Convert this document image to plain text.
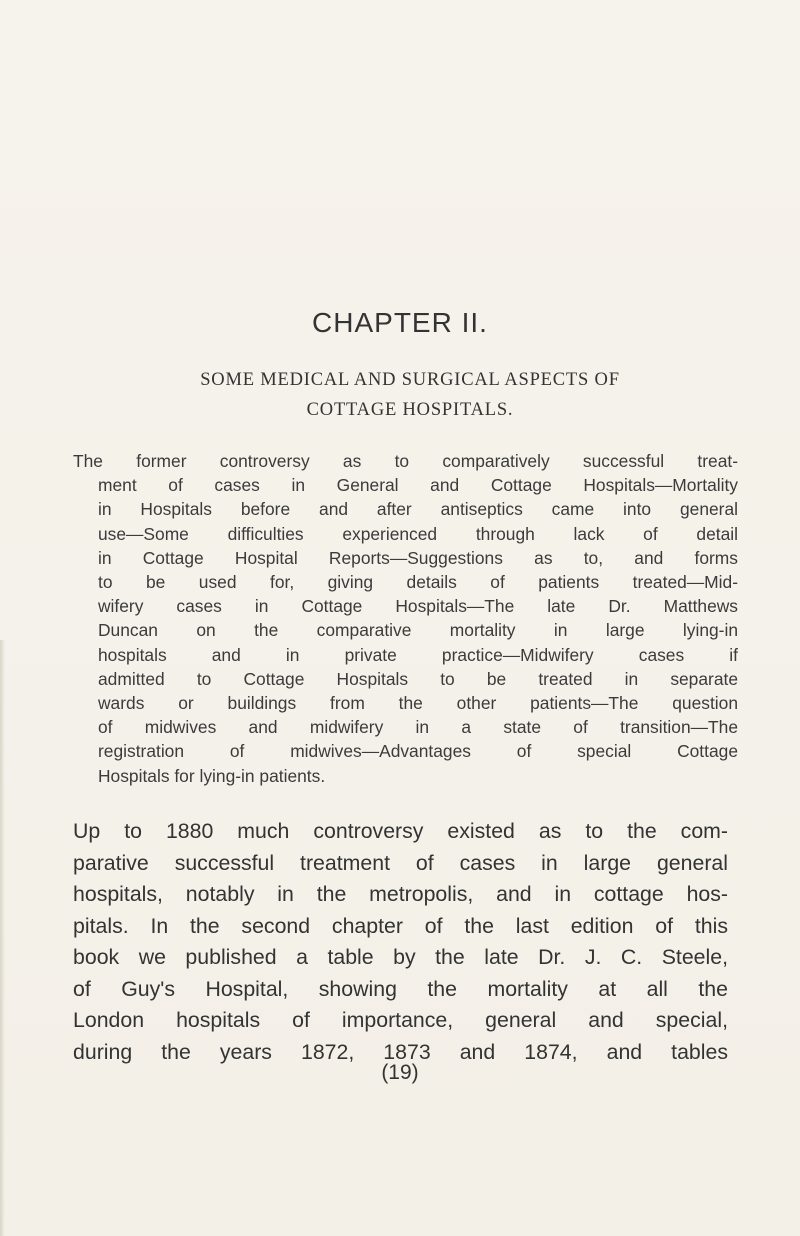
CHAPTER II.
SOME MEDICAL AND SURGICAL ASPECTS OF
COTTAGE HOSPITALS.
The former controversy as to comparatively successful treat-
ment of cases in General and Cottage Hospitals—Mortality
in Hospitals before and after antiseptics came into general
use—Some difficulties experienced through lack of detail
in Cottage Hospital Reports—Suggestions as to, and forms
to be used for, giving details of patients treated—Mid-
wifery cases in Cottage Hospitals—The late Dr. Matthews
Duncan on the comparative mortality in large lying-in
hospitals and in private practice—Midwifery cases if
admitted to Cottage Hospitals to be treated in separate
wards or buildings from the other patients—The question
of midwives and midwifery in a state of transition—The
registration of midwives—Advantages of special Cottage
Hospitals for lying-in patients.
Up to 1880 much controversy existed as to the com-
parative successful treatment of cases in large general
hospitals, notably in the metropolis, and in cottage hos-
pitals. In the second chapter of the last edition of this
book we published a table by the late Dr. J. C. Steele,
of Guy's Hospital, showing the mortality at all the
London hospitals of importance, general and special,
during the years 1872, 1873 and 1874, and tables
(19)
